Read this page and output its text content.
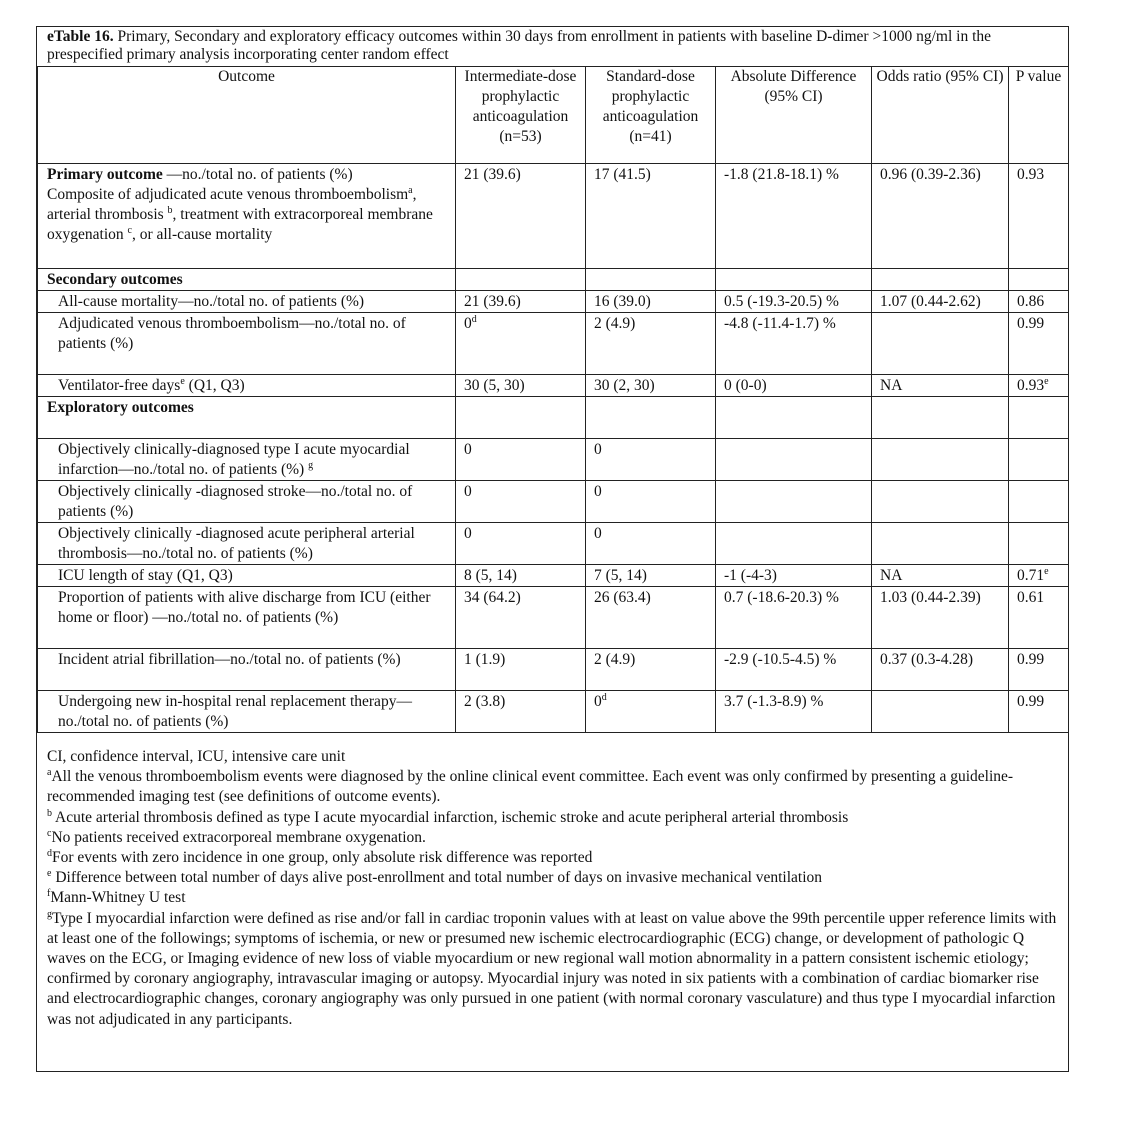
eTable 16. Primary, Secondary and exploratory efficacy outcomes within 30 days from enrollment in patients with baseline D-dimer >1000 ng/ml in the prespecified primary analysis incorporating center random effect
Outcome	Intermediate-dose prophylactic anticoagulation (n=53)	Standard-dose prophylactic anticoagulation (n=41)	Absolute Difference (95% CI)	Odds ratio (95% CI)	P value
Primary outcome —no./total no. of patients (%)
Composite of adjudicated acute venous thromboembolism$^a$, arterial thrombosis $^b$, treatment with extracorporeal membrane oxygenation $^c$, or all-cause mortality	21 (39.6)	17 (41.5)	-1.8 (21.8-18.1) %	0.96 (0.39-2.36)	0.93
Secondary outcomes					
All-cause mortality—no./total no. of patients (%)	21 (39.6)	16 (39.0)	0.5 (-19.3-20.5) %	1.07 (0.44-2.62)	0.86
Adjudicated venous thromboembolism—no./total no. of patients (%)	0$^d$	2 (4.9)	-4.8 (-11.4-1.7) %		0.99
Ventilator-free days$^e$ (Q1, Q3)	30 (5, 30)	30 (2, 30)	0 (0-0)	NA	0.93e
Exploratory outcomes					
Objectively clinically-diagnosed type I acute myocardial infarction—no./total no. of patients (%) $^g$	0	0			
Objectively clinically -diagnosed stroke—no./total no. of patients (%)	0	0			
Objectively clinically -diagnosed acute peripheral arterial thrombosis—no./total no. of patients (%)	0	0			
ICU length of stay (Q1, Q3)	8 (5, 14)	7 (5, 14)	-1 (-4-3)	NA	0.71e
Proportion of patients with alive discharge from ICU (either home or floor) —no./total no. of patients (%)	34 (64.2)	26 (63.4)	0.7 (-18.6-20.3) %	1.03 (0.44-2.39)	0.61
Incident atrial fibrillation—no./total no. of patients (%)	1 (1.9)	2 (4.9)	-2.9 (-10.5-4.5) %	0.37 (0.3-4.28)	0.99
Undergoing new in-hospital renal replacement therapy—no./total no. of patients (%)	2 (3.8)	0$^d$	3.7 (-1.3-8.9) %		0.99

CI, confidence interval, ICU, intensive care unit

$^a$All the venous thromboembolism events were diagnosed by the online clinical event committee. Each event was only confirmed by presenting a guideline-recommended imaging test (see definitions of outcome events).

$^b$ Acute arterial thrombosis defined as type I acute myocardial infarction, ischemic stroke and acute peripheral arterial thrombosis

$^c$No patients received extracorporeal membrane oxygenation.

$^d$For events with zero incidence in one group, only absolute risk difference was reported

$^e$ Difference between total number of days alive post-enrollment and total number of days on invasive mechanical ventilation

$^f$Mann-Whitney U test

$^g$Type I myocardial infarction were defined as rise and/or fall in cardiac troponin values with at least on value above the 99th percentile upper reference limits with at least one of the followings; symptoms of ischemia, or new or presumed new ischemic electrocardiographic (ECG) change, or development of pathologic Q waves on the ECG, or Imaging evidence of new loss of viable myocardium or new regional wall motion abnormality in a pattern consistent ischemic etiology; confirmed by coronary angiography, intravascular imaging or autopsy. Myocardial injury was noted in six patients with a combination of cardiac biomarker rise and electrocardiographic changes, coronary angiography was only pursued in one patient (with normal coronary vasculature) and thus type I myocardial infarction was not adjudicated in any participants.
